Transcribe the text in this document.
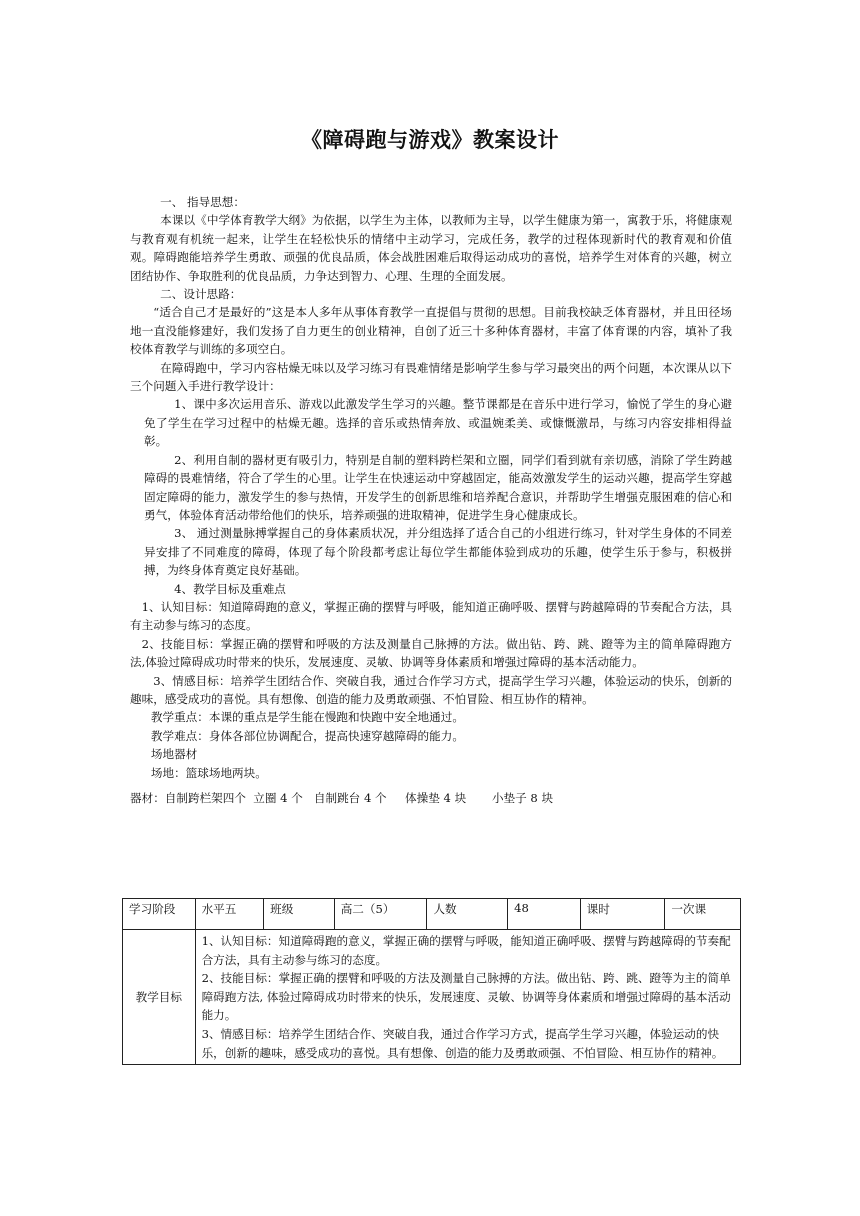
《障碍跑与游戏》教案设计

一、 指导思想：

本课以《中学体育教学大纲》为依据，以学生为主体，以教师为主导，以学生健康为第一，寓教于乐，将健康观与教育观有机统一起来，让学生在轻松快乐的情绪中主动学习，完成任务，教学的过程体现新时代的教育观和价值观。障碍跑能培养学生勇敢、顽强的优良品质，体会战胜困难后取得运动成功的喜悦，培养学生对体育的兴趣，树立团结协作、争取胜利的优良品质，力争达到智力、心理、生理的全面发展。

二、设计思路：

“适合自己才是最好的”这是本人多年从事体育教学一直提倡与贯彻的思想。目前我校缺乏体育器材，并且田径场地一直没能修建好，我们发扬了自力更生的创业精神，自创了近三十多种体育器材，丰富了体育课的内容，填补了我校体育教学与训练的多项空白。

在障碍跑中，学习内容枯燥无味以及学习练习有畏难情绪是影响学生参与学习最突出的两个问题，本次课从以下三个问题入手进行教学设计：

1、课中多次运用音乐、游戏以此激发学生学习的兴趣。整节课都是在音乐中进行学习，愉悦了学生的身心避免了学生在学习过程中的枯燥无趣。选择的音乐或热情奔放、或温婉柔美、或慷慨激昂，与练习内容安排相得益彰。

2、利用自制的器材更有吸引力，特别是自制的塑料跨栏架和立圈，同学们看到就有亲切感，消除了学生跨越障碍的畏难情绪，符合了学生的心里。让学生在快速运动中穿越固定，能高效激发学生的运动兴趣，提高学生穿越固定障碍的能力，激发学生的参与热情，开发学生的创新思维和培养配合意识，并帮助学生增强克服困难的信心和勇气，体验体育活动带给他们的快乐，培养顽强的进取精神，促进学生身心健康成长。

3、 通过测量脉搏掌握自己的身体素质状况，并分组选择了适合自己的小组进行练习，针对学生身体的不同差异安排了不同难度的障碍，体现了每个阶段都考虑让每位学生都能体验到成功的乐趣，使学生乐于参与，积极拼搏，为终身体育奠定良好基础。

4、教学目标及重难点

1、认知目标：知道障碍跑的意义，掌握正确的摆臂与呼吸，能知道正确呼吸、摆臂与跨越障碍的节奏配合方法，具有主动参与练习的态度。

2、技能目标：掌握正确的摆臂和呼吸的方法及测量自己脉搏的方法。做出钻、跨、跳、蹬等为主的简单障碍跑方法,体验过障碍成功时带来的快乐，发展速度、灵敏、协调等身体素质和增强过障碍的基本活动能力。

3、情感目标：培养学生团结合作、突破自我，通过合作学习方式，提高学生学习兴趣，体验运动的快乐，创新的趣味，感受成功的喜悦。具有想像、创造的能力及勇敢顽强、不怕冒险、相互协作的精神。

教学重点：本课的重点是学生能在慢跑和快跑中安全地通过。

教学难点：身体各部位协调配合，提高快速穿越障碍的能力。

场地器材

场地：篮球场地两块。

器材：自制跨栏架四个  立圈 4 个   自制跳台 4 个     体操垫 4 块       小垫子 8 块
学习阶段	水平五	班级	高二（5）	人数	48	课时	一次课
教学目标	1、认知目标：知道障碍跑的意义，掌握正确的摆臂与呼吸，能知道正确呼吸、摆臂与跨越障碍的节奏配合方法，具有主动参与练习的态度。
2、技能目标：掌握正确的摆臂和呼吸的方法及测量自己脉搏的方法。做出钻、跨、跳、蹬等为主的简单障碍跑方法, 体验过障碍成功时带来的快乐，发展速度、灵敏、协调等身体素质和增强过障碍的基本活动能力。
3、情感目标：培养学生团结合作、突破自我，通过合作学习方式，提高学生学习兴趣，体验运动的快乐，创新的趣味，感受成功的喜悦。具有想像、创造的能力及勇敢顽强、不怕冒险、相互协作的精神。						
